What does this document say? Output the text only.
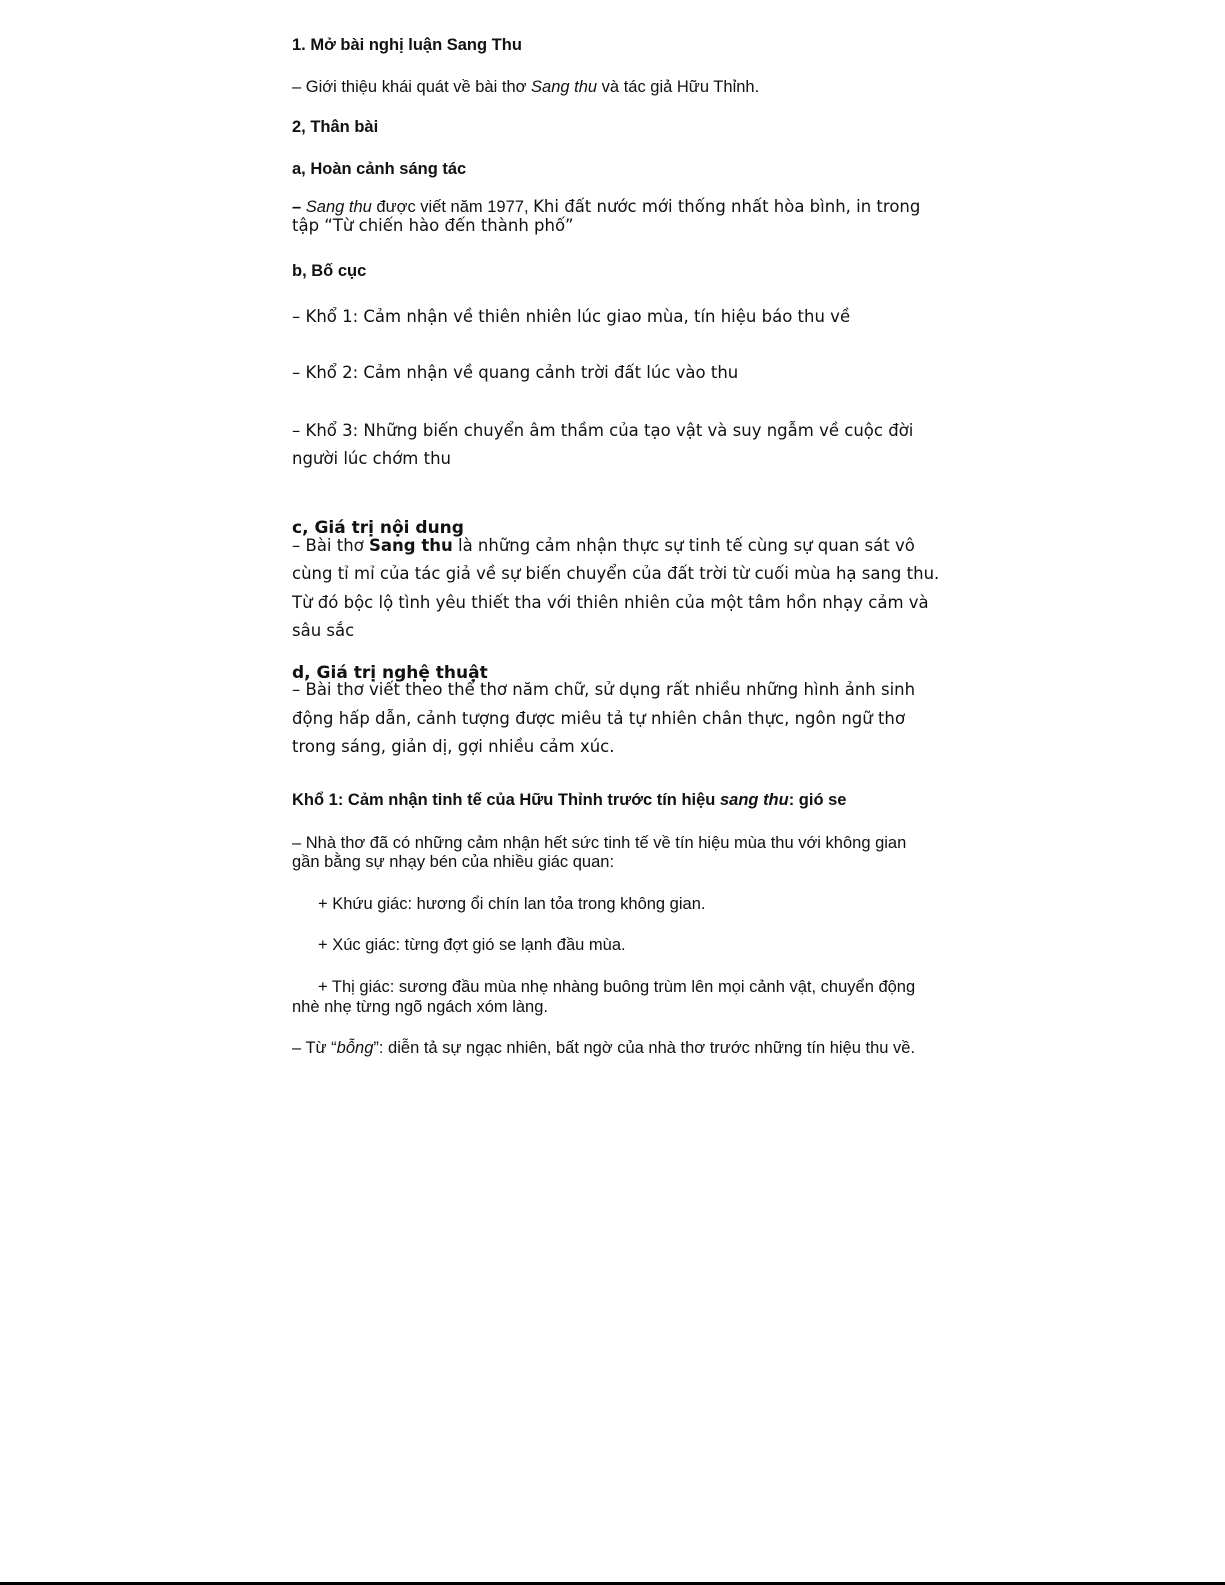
1. Mở bài nghị luận Sang Thu
– Giới thiệu khái quát về bài thơ Sang thu và tác giả Hữu Thỉnh.
2, Thân bài
a, Hoàn cảnh sáng tác
– Sang thu được viết năm 1977, Khi đất nước mới thống nhất hòa bình, in trong
tập “Từ chiến hào đến thành phố”
b, Bố cục
– Khổ 1: Cảm nhận về thiên nhiên lúc giao mùa, tín hiệu báo thu về
– Khổ 2: Cảm nhận về quang cảnh trời đất lúc vào thu
– Khổ 3: Những biến chuyển âm thầm của tạo vật và suy ngẫm về cuộc đời
người lúc chớm thu
c, Giá trị nội dung
– Bài thơ Sang thu là những cảm nhận thực sự tinh tế cùng sự quan sát vô
cùng tỉ mỉ của tác giả về sự biến chuyển của đất trời từ cuối mùa hạ sang thu.
Từ đó bộc lộ tình yêu thiết tha với thiên nhiên của một tâm hồn nhạy cảm và
sâu sắc
d, Giá trị nghệ thuật
– Bài thơ viết theo thể thơ năm chữ, sử dụng rất nhiều những hình ảnh sinh
động hấp dẫn, cảnh tượng được miêu tả tự nhiên chân thực, ngôn ngữ thơ
trong sáng, giản dị, gợi nhiều cảm xúc.
Khổ 1: Cảm nhận tinh tế của Hữu Thỉnh trước tín hiệu sang thu: gió se
– Nhà thơ đã có những cảm nhận hết sức tinh tế về tín hiệu mùa thu với không gian
gần bằng sự nhạy bén của nhiều giác quan:
+ Khứu giác: hương ổi chín lan tỏa trong không gian.
+ Xúc giác: từng đợt gió se lạnh đầu mùa.
+ Thị giác: sương đầu mùa nhẹ nhàng buông trùm lên mọi cảnh vật, chuyển động
nhè nhẹ từng ngõ ngách xóm làng.
– Từ “bỗng”: diễn tả sự ngạc nhiên, bất ngờ của nhà thơ trước những tín hiệu thu về.
